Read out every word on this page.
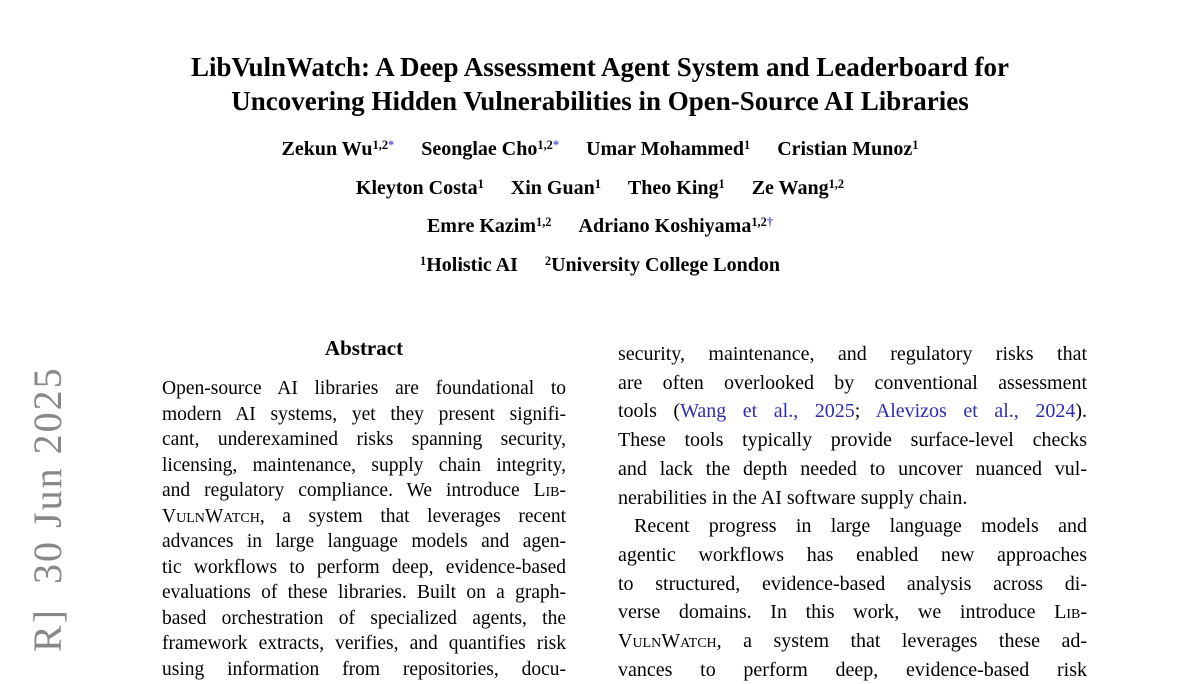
R]  30 Jun 2025
LibVulnWatch: A Deep Assessment Agent System and Leaderboard for
Uncovering Hidden Vulnerabilities in Open-Source AI Libraries
Zekun $Wu^{1,2*}$ Seonglae Cho$^{1,2*}$ Umar Mohammed$^1$ Cristian Munoz$^1$
Kleyton Costa$^1$ Xin Guan$^1$ Theo King$^1$ Ze Wang$^{1,2}$
Emre Kazim$^{1,2}$ Adriano Koshiyama$^{1,2\dagger}$
$^1$Holistic AI $^2$University College London
Abstract
Open-source AI libraries are foundational to
modern AI systems, yet they present signifi-
cant, underexamined risks spanning security,
licensing, maintenance, supply chain integrity,
and regulatory compliance. We introduce Lib-
VulnWatch, a system that leverages recent
advances in large language models and agen-
tic workflows to perform deep, evidence-based
evaluations of these libraries. Built on a graph-
based orchestration of specialized agents, the
framework extracts, verifies, and quantifies risk
using information from repositories, docu-
security, maintenance, and regulatory risks that
are often overlooked by conventional assessment
tools (Wang et al., 2025; Alevizos et al., 2024).
These tools typically provide surface-level checks
and lack the depth needed to uncover nuanced vul-
nerabilities in the AI software supply chain.
Recent progress in large language models and
agentic workflows has enabled new approaches
to structured, evidence-based analysis across di-
verse domains. In this work, we introduce Lib-
VulnWatch, a system that leverages these ad-
vances to perform deep, evidence-based risk
